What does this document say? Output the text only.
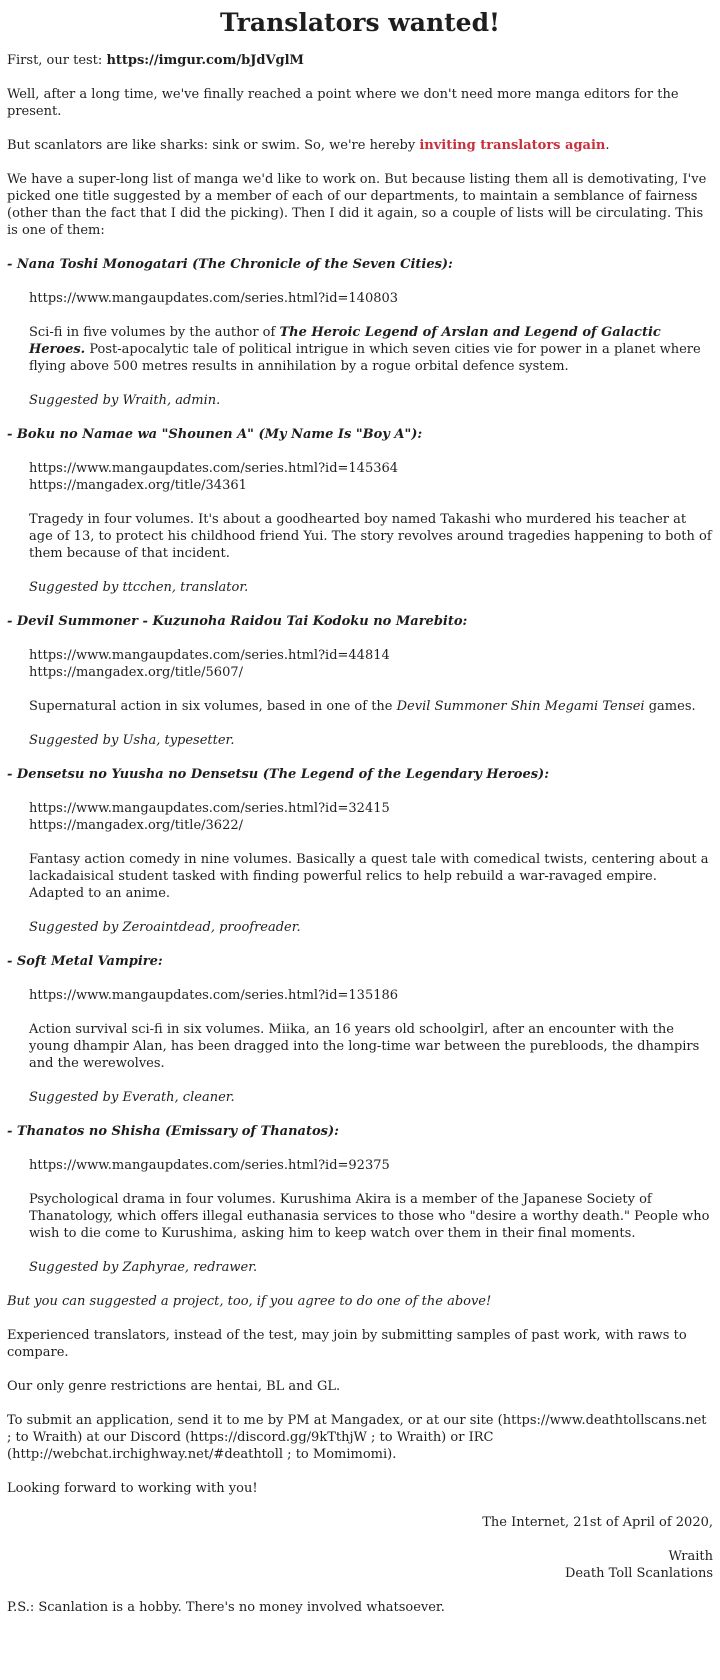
Translators wanted!

First, our test: https://imgur.com/bJdVglM

Well, after a long time, we've finally reached a point where we don't need more manga editors for the present.

But scanlators are like sharks: sink or swim. So, we're hereby inviting translators again.

We have a super-long list of manga we'd like to work on. But because listing them all is demotivating, I've picked one title suggested by a member of each of our departments, to maintain a semblance of fairness (other than the fact that I did the picking). Then I did it again, so a couple of lists will be circulating. This is one of them:

- Nana Toshi Monogatari (The Chronicle of the Seven Cities):

https://www.mangaupdates.com/series.html?id=140803

Sci-fi in five volumes by the author of The Heroic Legend of Arslan and Legend of Galactic Heroes. Post-apocalytic tale of political intrigue in which seven cities vie for power in a planet where flying above 500 metres results in annihilation by a rogue orbital defence system.

Suggested by Wraith, admin.

- Boku no Namae wa "Shounen A" (My Name Is "Boy A"):

https://www.mangaupdates.com/series.html?id=145364
https://mangadex.org/title/34361

Tragedy in four volumes. It's about a goodhearted boy named Takashi who murdered his teacher at age of 13, to protect his childhood friend Yui. The story revolves around tragedies happening to both of them because of that incident.

Suggested by ttcchen, translator.

- Devil Summoner - Kuzunoha Raidou Tai Kodoku no Marebito:

https://www.mangaupdates.com/series.html?id=44814
https://mangadex.org/title/5607/

Supernatural action in six volumes, based in one of the Devil Summoner Shin Megami Tensei games.

Suggested by Usha, typesetter.

- Densetsu no Yuusha no Densetsu (The Legend of the Legendary Heroes):

https://www.mangaupdates.com/series.html?id=32415
https://mangadex.org/title/3622/

Fantasy action comedy in nine volumes. Basically a quest tale with comedical twists, centering about a lackadaisical student tasked with finding powerful relics to help rebuild a war-ravaged empire. Adapted to an anime.

Suggested by Zeroaintdead, proofreader.

- Soft Metal Vampire:

https://www.mangaupdates.com/series.html?id=135186

Action survival sci-fi in six volumes. Miika, an 16 years old schoolgirl, after an encounter with the young dhampir Alan, has been dragged into the long-time war between the purebloods, the dhampirs and the werewolves.

Suggested by Everath, cleaner.

- Thanatos no Shisha (Emissary of Thanatos):

https://www.mangaupdates.com/series.html?id=92375

Psychological drama in four volumes. Kurushima Akira is a member of the Japanese Society of Thanatology, which offers illegal euthanasia services to those who "desire a worthy death." People who wish to die come to Kurushima, asking him to keep watch over them in their final moments.

Suggested by Zaphyrae, redrawer.

But you can suggested a project, too, if you agree to do one of the above!

Experienced translators, instead of the test, may join by submitting samples of past work, with raws to compare.

Our only genre restrictions are hentai, BL and GL.

To submit an application, send it to me by PM at Mangadex, or at our site (https://www.deathtollscans.net ; to Wraith) at our Discord (https://discord.gg/9kTthjW ; to Wraith) or IRC (http://webchat.irchighway.net/#deathtoll ; to Momimomi).

Looking forward to working with you!

The Internet, 21st of April of 2020,

Wraith
Death Toll Scanlations

P.S.: Scanlation is a hobby. There's no money involved whatsoever.
